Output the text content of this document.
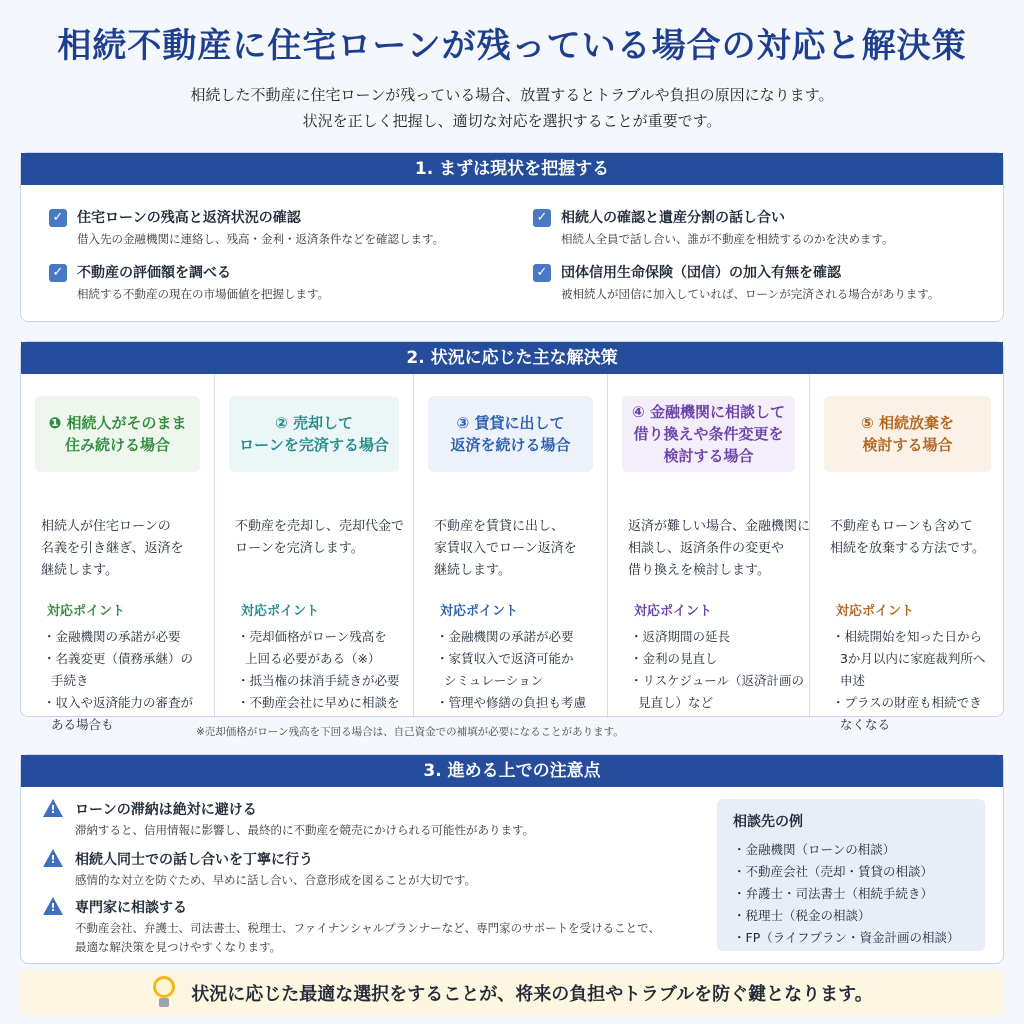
相続不動産に住宅ローンが残っている場合の対応と解決策
相続した不動産に住宅ローンが残っている場合、放置するとトラブルや負担の原因になります。
状況を正しく把握し、適切な対応を選択することが重要です。
1. まずは現状を把握する
✓ 住宅ローンの残高と返済状況の確認
借入先の金融機関に連絡し、残高・金利・返済条件などを確認します。
✓ 不動産の評価額を調べる
相続する不動産の現在の市場価値を把握します。
✓ 相続人の確認と遺産分割の話し合い
相続人全員で話し合い、誰が不動産を相続するのかを決めます。
✓ 団体信用生命保険（団信）の加入有無を確認
被相続人が団信に加入していれば、ローンが完済される場合があります。
2. 状況に応じた主な解決策
❶ 相続人がそのまま
住み続ける場合
相続人が住宅ローンの
名義を引き継ぎ、返済を
継続します。
対応ポイント
・金融機関の承諾が必要
・名義変更（債務承継）の
手続き
・収入や返済能力の審査が
ある場合も
② 売却して
ローンを完済する場合
不動産を売却し、売却代金で
ローンを完済します。
対応ポイント
・売却価格がローン残高を
上回る必要がある（※）
・抵当権の抹消手続きが必要
・不動産会社に早めに相談を
③ 賃貸に出して
返済を続ける場合
不動産を賃貸に出し、
家賃収入でローン返済を
継続します。
対応ポイント
・金融機関の承諾が必要
・家賃収入で返済可能か
シミュレーション
・管理や修繕の負担も考慮
④ 金融機関に相談して
借り換えや条件変更を
検討する場合
返済が難しい場合、金融機関に
相談し、返済条件の変更や
借り換えを検討します。
対応ポイント
・返済期間の延長
・金利の見直し
・リスケジュール（返済計画の
見直し）など
⑤ 相続放棄を
検討する場合
不動産もローンも含めて
相続を放棄する方法です。
対応ポイント
・相続開始を知った日から
3か月以内に家庭裁判所へ
申述
・プラスの財産も相続でき
なくなる
※売却価格がローン残高を下回る場合は、自己資金での補填が必要になることがあります。
3. 進める上での注意点
!	ローンの滞納は絶対に避ける
滞納すると、信用情報に影響し、最終的に不動産を競売にかけられる可能性があります。
!	相続人同士での話し合いを丁寧に行う
感情的な対立を防ぐため、早めに話し合い、合意形成を図ることが大切です。
!	専門家に相談する
不動産会社、弁護士、司法書士、税理士、ファイナンシャルプランナーなど、専門家のサポートを受けることで、
最適な解決策を見つけやすくなります。
相談先の例
・金融機関（ローンの相談）
・不動産会社（売却・賃貸の相談）
・弁護士・司法書士（相続手続き）
・税理士（税金の相談）
・FP（ライフプラン・資金計画の相談）
状況に応じた最適な選択をすることが、将来の負担やトラブルを防ぐ鍵となります。
